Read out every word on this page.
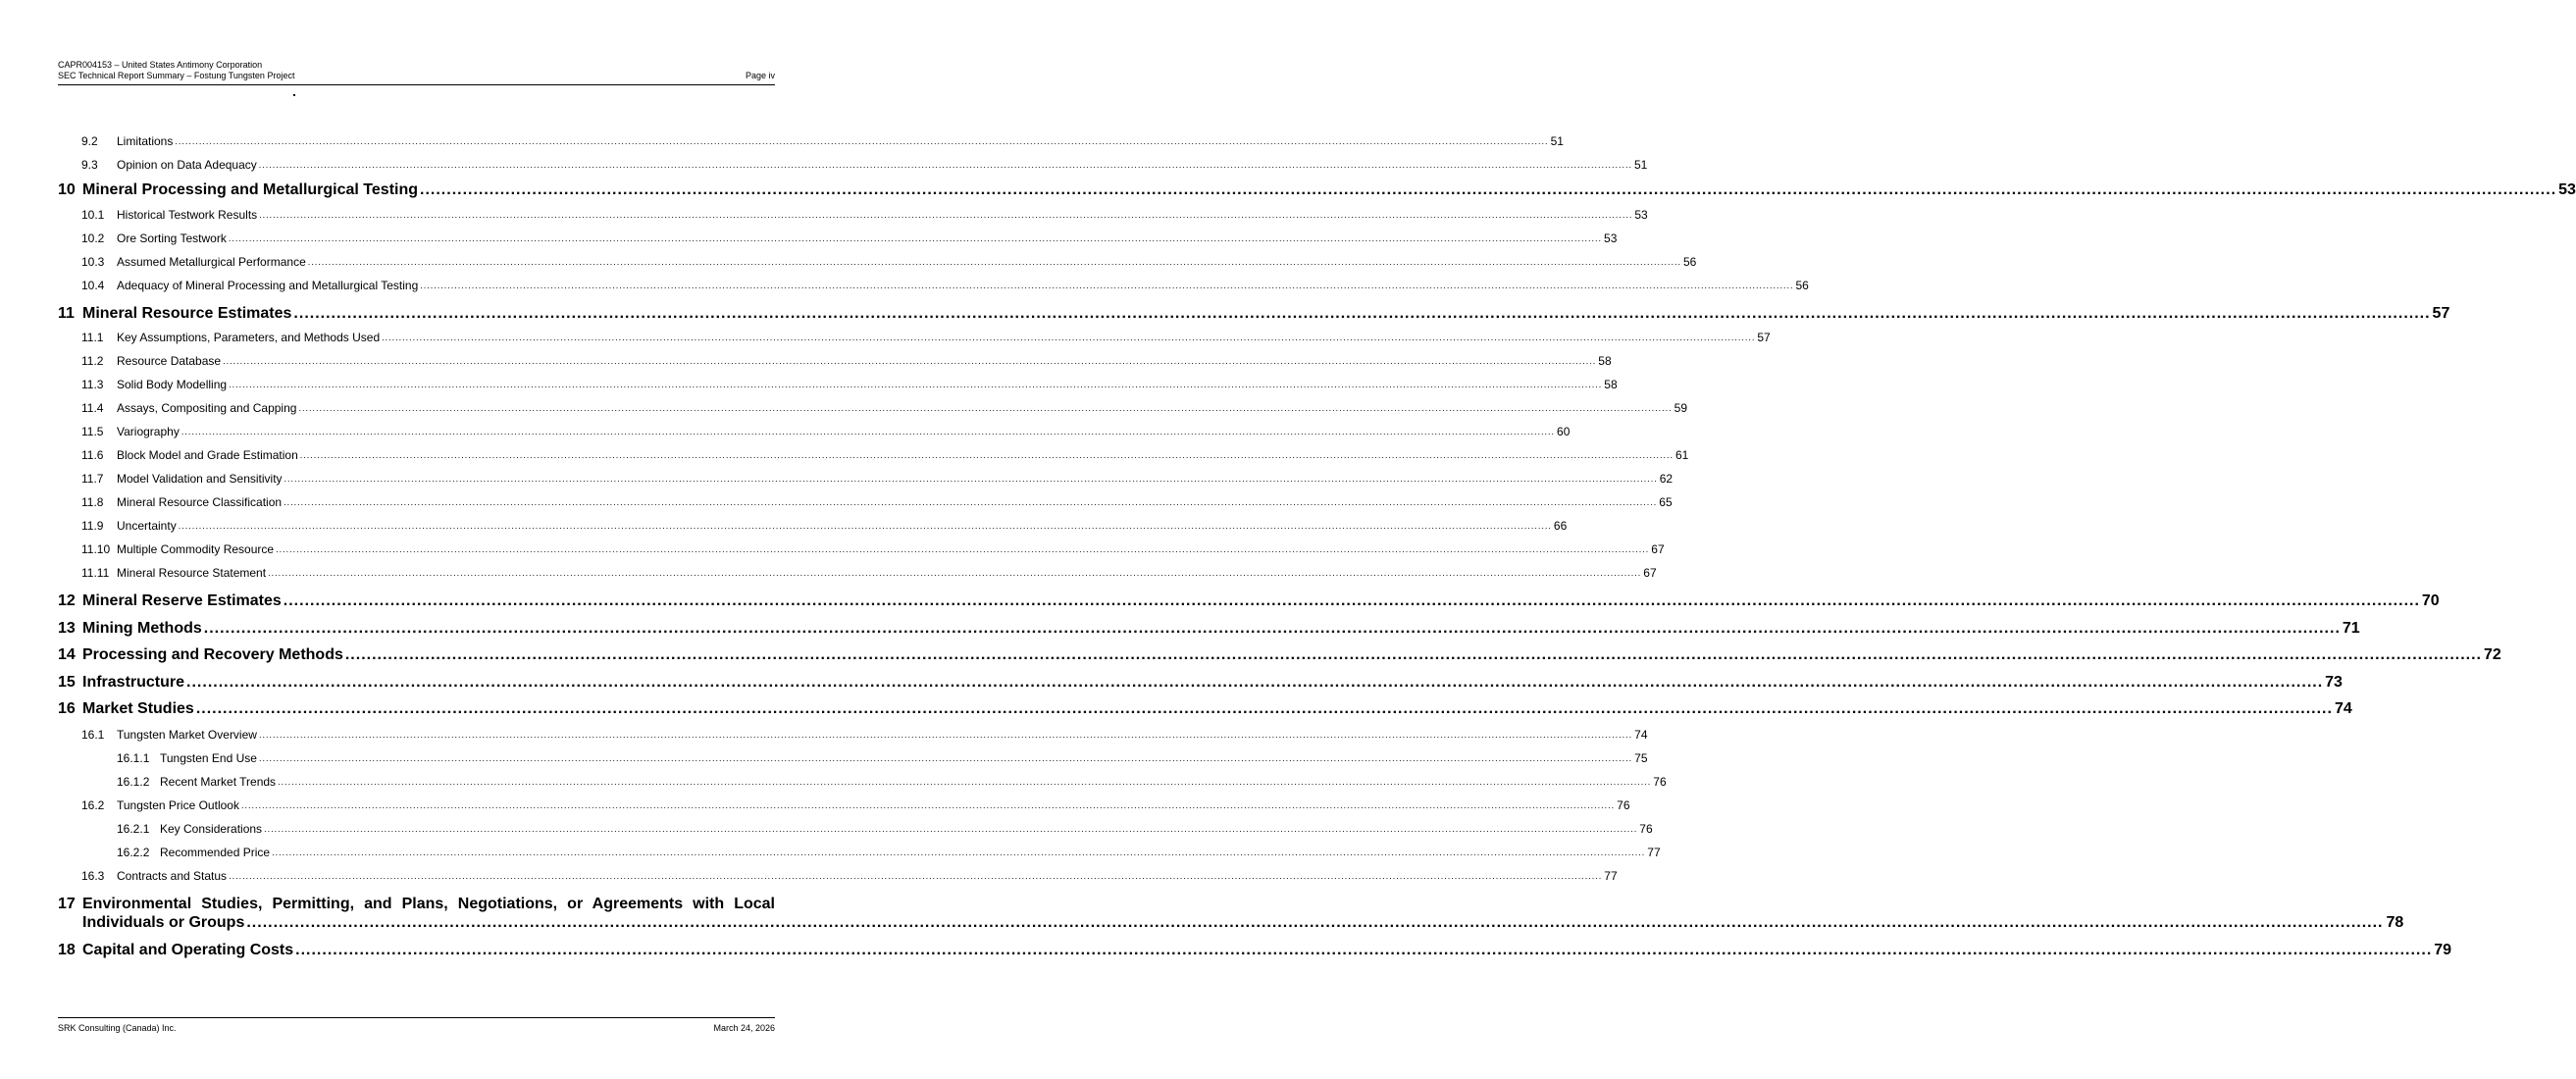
CAPR004153 – United States Antimony Corporation
SEC Technical Report Summary – Fostung Tungsten Project	Page iv
9.2	Limitations ................................................................................................................................................................................................................................................................................................................................................................................................................ 51
9.3	Opinion on Data Adequacy ................................................................................................................................................................................................................................................................................................................................................................................................................ 51
10 Mineral Processing and Metallurgical Testing ................................................................................................................................................................................................................................................................................................................................................................................................................ 53
10.1	Historical Testwork Results ................................................................................................................................................................................................................................................................................................................................................................................................................ 53
10.2	Ore Sorting Testwork ................................................................................................................................................................................................................................................................................................................................................................................................................ 53
10.3	Assumed Metallurgical Performance ................................................................................................................................................................................................................................................................................................................................................................................................................ 56
10.4	Adequacy of Mineral Processing and Metallurgical Testing ................................................................................................................................................................................................................................................................................................................................................................................................................ 56
11 Mineral Resource Estimates ................................................................................................................................................................................................................................................................................................................................................................................................................ 57
11.1	Key Assumptions, Parameters, and Methods Used ................................................................................................................................................................................................................................................................................................................................................................................................................ 57
11.2	Resource Database ................................................................................................................................................................................................................................................................................................................................................................................................................ 58
11.3	Solid Body Modelling ................................................................................................................................................................................................................................................................................................................................................................................................................ 58
11.4	Assays, Compositing and Capping ................................................................................................................................................................................................................................................................................................................................................................................................................ 59
11.5	Variography ................................................................................................................................................................................................................................................................................................................................................................................................................ 60
11.6	Block Model and Grade Estimation ................................................................................................................................................................................................................................................................................................................................................................................................................ 61
11.7	Model Validation and Sensitivity ................................................................................................................................................................................................................................................................................................................................................................................................................ 62
11.8	Mineral Resource Classification ................................................................................................................................................................................................................................................................................................................................................................................................................ 65
11.9	Uncertainty ................................................................................................................................................................................................................................................................................................................................................................................................................ 66
11.10 Multiple Commodity Resource ................................................................................................................................................................................................................................................................................................................................................................................................................ 67
11.11 Mineral Resource Statement ................................................................................................................................................................................................................................................................................................................................................................................................................ 67
12 Mineral Reserve Estimates ................................................................................................................................................................................................................................................................................................................................................................................................................ 70
13 Mining Methods ................................................................................................................................................................................................................................................................................................................................................................................................................ 71
14 Processing and Recovery Methods ................................................................................................................................................................................................................................................................................................................................................................................................................ 72
15 Infrastructure ................................................................................................................................................................................................................................................................................................................................................................................................................ 73
16 Market Studies ................................................................................................................................................................................................................................................................................................................................................................................................................ 74
16.1	Tungsten Market Overview ................................................................................................................................................................................................................................................................................................................................................................................................................ 74
16.1.1 Tungsten End Use ................................................................................................................................................................................................................................................................................................................................................................................................................ 75
16.1.2 Recent Market Trends ................................................................................................................................................................................................................................................................................................................................................................................................................ 76
16.2	Tungsten Price Outlook ................................................................................................................................................................................................................................................................................................................................................................................................................ 76
16.2.1 Key Considerations ................................................................................................................................................................................................................................................................................................................................................................................................................ 76
16.2.2 Recommended Price ................................................................................................................................................................................................................................................................................................................................................................................................................ 77
16.3	Contracts and Status ................................................................................................................................................................................................................................................................................................................................................................................................................ 77
18 Capital and Operating Costs ................................................................................................................................................................................................................................................................................................................................................................................................................ 79
17 Environmental Studies, Permitting, and Plans, Negotiations, or Agreements with Local
Individuals or Groups ................................................................................................................................................................................................................................................................................................................................................................................................................ 78
SRK Consulting (Canada) Inc.	March 24, 2026
